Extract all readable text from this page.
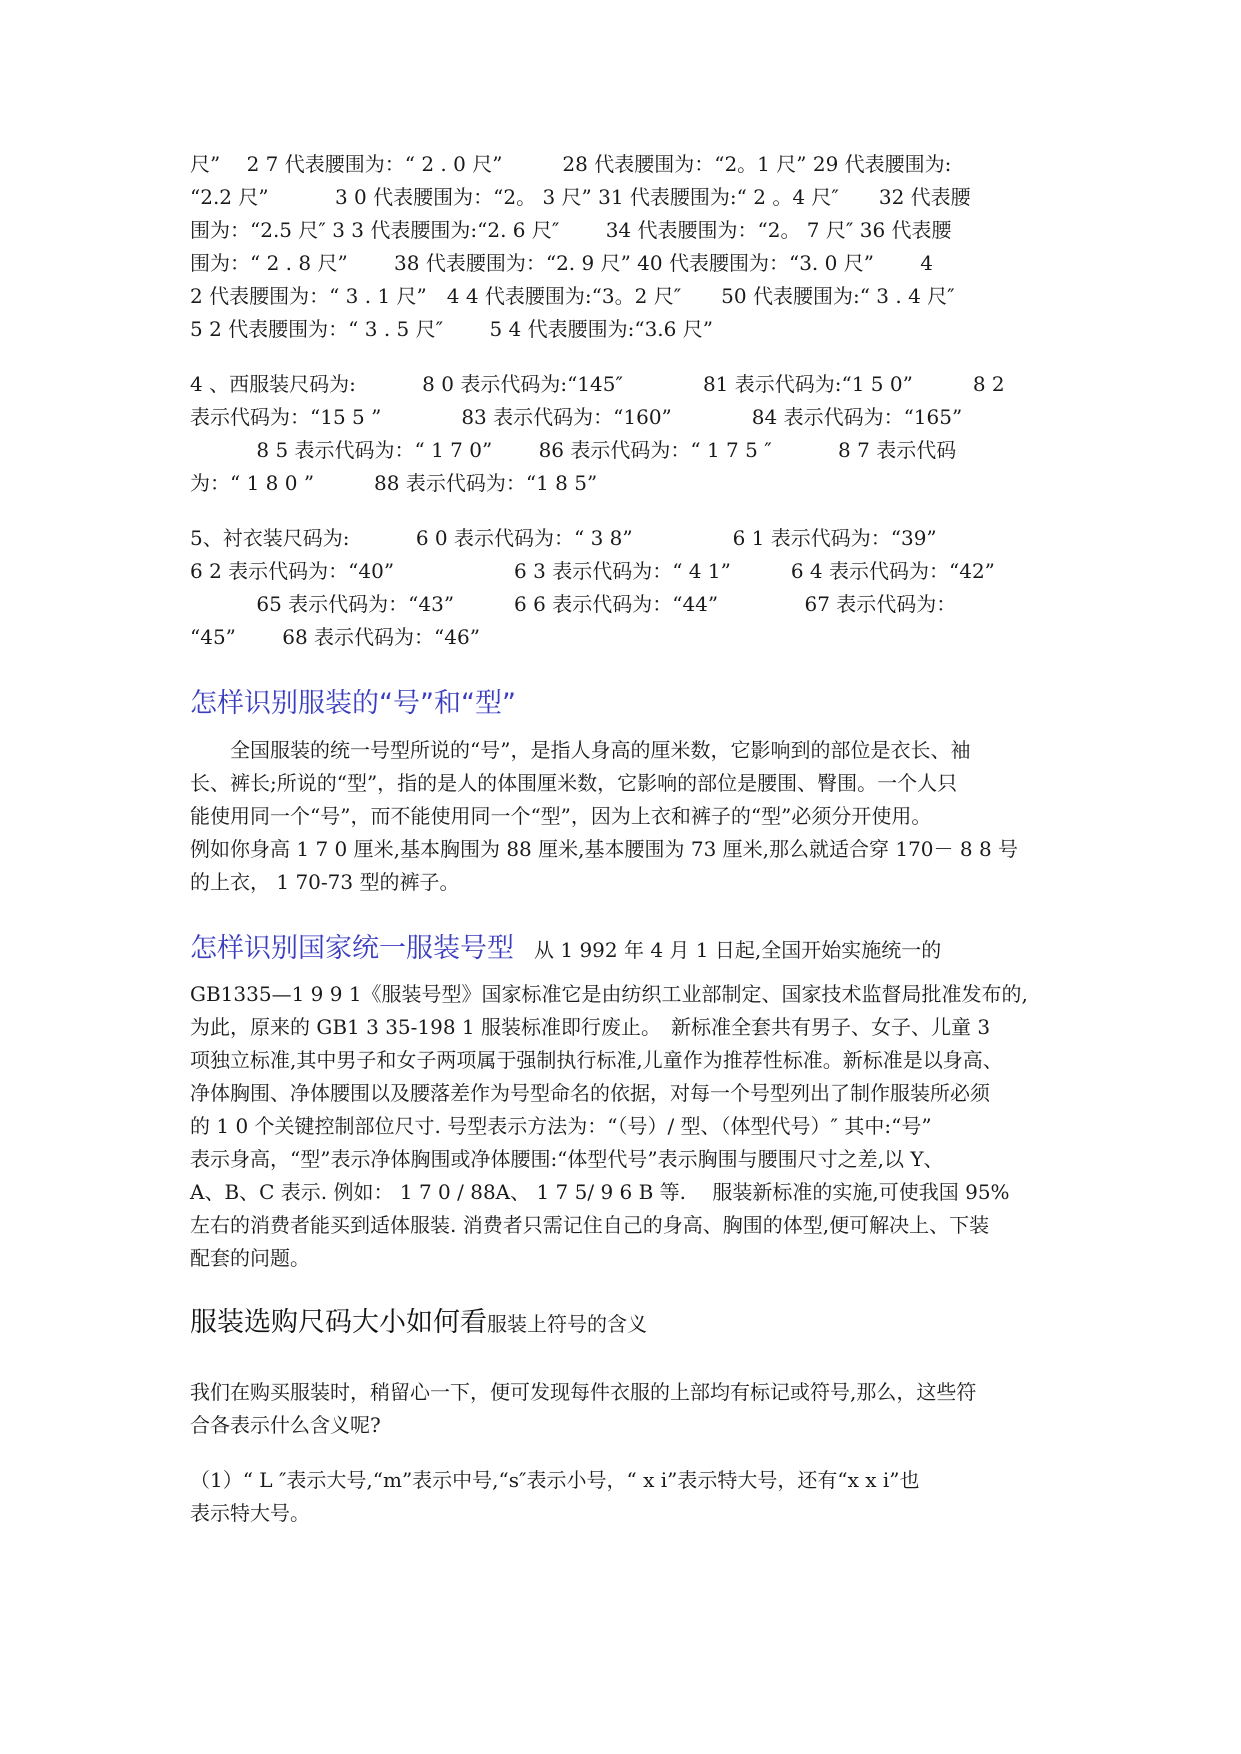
尺”　 2 7 代表腰围为：“ 2 . 0 尺”　　　28 代表腰围为：“2。1 尺” 29 代表腰围为:

“2.2 尺”　　　 3 0 代表腰围为：“2。 3 尺” 31 代表腰围为:“ 2 。4 尺″　　32 代表腰

围为：“2.5 尺″ 3 3 代表腰围为:“2. 6 尺″　　 34 代表腰围为：“2。 7 尺″ 36 代表腰

围为：“ 2 . 8 尺”　　 38 代表腰围为：“2. 9 尺” 40 代表腰围为：“3. 0 尺”　　 4

2 代表腰围为：“ 3 . 1 尺”　4 4 代表腰围为:“3。2 尺″　　50 代表腰围为:“ 3 . 4 尺″

5 2 代表腰围为：“ 3 . 5 尺″　　 5 4 代表腰围为:“3.6 尺”

4 、西服装尺码为:　　　 8 0 表示代码为:“145″　　　　81 表示代码为:“1 5 0”　　　8 2

表示代码为：“15 5 ”　　　　83 表示代码为：“160”　　　　84 表示代码为：“165”

　　　 8 5 表示代码为：“ 1 7 0”　　 86 表示代码为：“ 1 7 5 ″　　　 8 7 表示代码

为：“ 1 8 0 ”　　　88 表示代码为：“1 8 5”

5、衬衣装尺码为:　　　 6 0 表示代码为：“ 3 8”　　　　　6 1 表示代码为：“39”

6 2 表示代码为：“40”　　　　　　6 3 表示代码为：“ 4 1”　　　6 4 表示代码为：“42”

　　　 65 表示代码为：“43”　　　6 6 表示代码为：“44”　　　　 67 表示代码为：

“45”　　 68 表示代码为：“46”

怎样识别服装的“号”和“型”

全国服装的统一号型所说的“号”，是指人身高的厘米数，它影响到的部位是衣长、袖

长、裤长;所说的“型”，指的是人的体围厘米数，它影响的部位是腰围、臀围。一个人只

能使用同一个“号”，而不能使用同一个“型”，因为上衣和裤子的“型”必须分开使用。

例如你身高 1 7 0 厘米,基本胸围为 88 厘米,基本腰围为 73 厘米,那么就适合穿 170－ 8 8 号

的上衣， 1 70-73 型的裤子。

怎样识别国家统一服装号型　从 1 992 年 4 月 1 日起,全国开始实施统一的

GB1335—1 9 9 1《服装号型》国家标准它是由纺织工业部制定、国家技术监督局批准发布的,

为此，原来的 GB1 3 35-198 1 服装标准即行废止。　新标准全套共有男子、女子、儿童 3

项独立标准,其中男子和女子两项属于强制执行标准,儿童作为推荐性标准。新标准是以身高、

净体胸围、净体腰围以及腰落差作为号型命名的依据，对每一个号型列出了制作服装所必须

的 1 0 个关键控制部位尺寸. 号型表示方法为：“（号）/ 型、（体型代号）″ 其中:“号”

表示身高，“型”表示净体胸围或净体腰围:“体型代号”表示胸围与腰围尺寸之差,以 Y、

A、B、C 表示. 例如： 1 7 0 / 88A、 1 7 5/ 9 6 B 等.　 服装新标准的实施,可使我国 95%

左右的消费者能买到适体服装. 消费者只需记住自己的身高、胸围的体型,便可解决上、下装

配套的问题。

服装选购尺码大小如何看服装上符号的含义

我们在购买服装时，稍留心一下，便可发现每件衣服的上部均有标记或符号,那么，这些符

合各表示什么含义呢?

（1）“ L ″表示大号,“m”表示中号,“s″表示小号，“ x i”表示特大号，还有“x x i”也

表示特大号。
